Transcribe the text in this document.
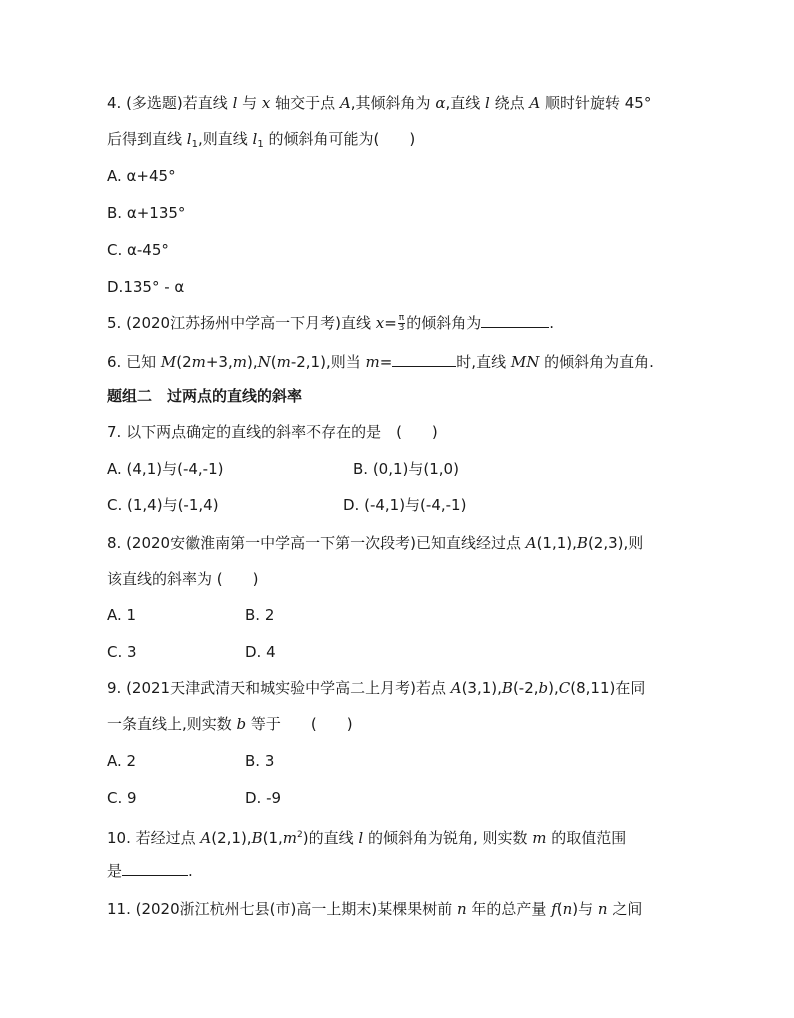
4. (多选题)若直线 l 与 x 轴交于点 A,其倾斜角为 α,直线 l 绕点 A 顺时针旋转 45°
后得到直线 $l_1$,则直线 $l_1$ 的倾斜角可能为(　　)
A. α+45°
B. α+135°
C. α-45°
D.135° - α
5. (2020江苏扬州中学高一下月考)直线 $x= \frac{\pi}{3}$ 的倾斜角为	.
6. 已知 M(2m+3,m),N(m-2,1),则当 m=	时,直线 MN 的倾斜角为直角.
题组二　过两点的直线的斜率
7. 以下两点确定的直线的斜率不存在的是　(　　)
A. (4,1)与(-4,-1)	B. (0,1)与(1,0)
C. (1,4)与(-1,4)	D. (-4,1)与(-4,-1)
8. (2020安徽淮南第一中学高一下第一次段考)已知直线经过点 A(1,1),B(2,3),则
该直线的斜率为 (　　)
A. 1	B. 2
C. 3	D. 4
9. (2021天津武清天和城实验中学高二上月考)若点 A(3,1),B(-2,b),C(8,11)在同
一条直线上,则实数 b 等于　　(　　)
A. 2	B. 3
C. 9	D. -9
10. 若经过点 $A(2,1),B(1,m^2)$的直线 l 的倾斜角为锐角, 则实数 m 的取值范围
是	.
11. (2020浙江杭州七县(市)高一上期末)某棵果树前 n 年的总产量 f(n)与 n 之间
